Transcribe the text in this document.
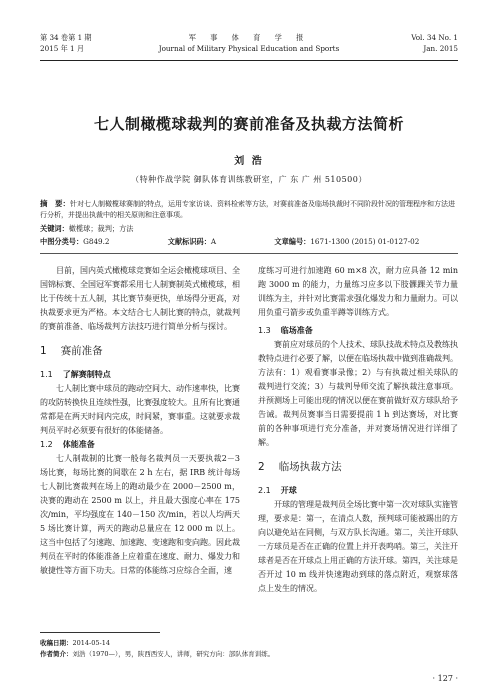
第 34 卷第 1 期
2015 年 1 月
军 事 体 育 学 报
Journal of Military Physical Education and Sports
Vol. 34 No. 1
Jan. 2015
七人制橄榄球裁判的赛前准备及执裁方法简析
刘 浩
（特种作战学院 御队体育训练教研室，广 东 广 州 510500）
摘　要：针对七人制橄榄球赛制的特点，运用专家访谈、资料检索等方法，对赛前准备及临场执裁时不同阶段针况的管理程序和方法进行分析，并提出执裁中的相关原则和注意事项。
关键词：橄榄球；裁判；方法
中图分类号：G849.2	文献标识码：A	文章编号：1671-1300 (2015) 01-0127-02

目前，国内英式橄榄球竞赛如全运会橄榄球项目、全国锦标赛、全国冠军赛都采用七人制赛制英式橄榄球，相比于传统十五人制，其比赛节奏更快，单场得分更高，对执裁要求更为严格。本文结合七人制比赛的特点，就裁判的赛前准备、临场裁判方法技巧进行简单分析与探讨。

1 赛前准备
1.1 了解赛制特点

七人制比赛中球员的跑动空间大、动作速率快，比赛的攻防转换快且连续性强，比赛强度较大。且所有比赛通常都是在两天时间内完成，时间紧，赛事重。这就要求裁判员平时必须要有很好的体能储备。

1.2 体能准备

七人制裁制的比赛一般每名裁判员一天要执裁2－3 场比赛，每场比赛的间歇在 2 h 左右，据 IRB 统计每场七人制比赛裁判在场上的跑动最少在 2000－2500 m，决赛的跑动在 2500 m 以上，并且最大强度心率在 175 次/min，平均强度在 140－150 次/min，若以人均两天 5 场比赛计算，两天的跑动总量应在 12 000 m 以上。这当中包括了匀速跑、加速跑、变速跑和变向跑。因此裁判员在平时的体能准备上应着重在速度、耐力、爆发力和敏捷性等方面下功夫。日常的体能练习应综合全面，速

度练习可进行加速跑 60 m×8 次，耐力应具备 12 min 跑 3000 m 的能力，力量练习应多以下肢髁踝关节力量训练为主，并针对比赛需求强化爆发力和力量耐力。可以用负重弓箭步或负重半蹲等训练方式。

1.3 临场准备

赛前应对球员的个人技术、球队技战术特点及教练执教特点进行必要了解，以便在临场执裁中做到准确裁判。方法有：1）观看赛事录像；2）与有执裁过相关球队的裁判进行交流；3）与裁判导师交流了解执裁注意事项。并预测场上可能出现的情况以便在赛前做好双方球队给予告诫。裁判员赛事当日需要提前 1 h 到达赛场，对比赛前的各种事项进行充分准备，并对赛场情况进行详细了解。

2 临场执裁方法
2.1 开球

开球的管理是裁判员全场比赛中第一次对球队实施管理，要求是：第一，在清点人数，预判球可能被踢出的方向以避免站在同侧，与双方队长沟通。第二，关注开球队一方球员是否在正确的位置上并开表鸣哨。第三，关注开球者是否在开球点上用正确的方法开球。第四，关注球是否开过 10 m 线并快速跑动到球的落点附近，观察球落点上发生的情况。

收稿日期：2014-05-14
作者简介：刘浩（1970—），男，陕西西安人，讲师，研究方向：部队体育训练。
· 127 ·
